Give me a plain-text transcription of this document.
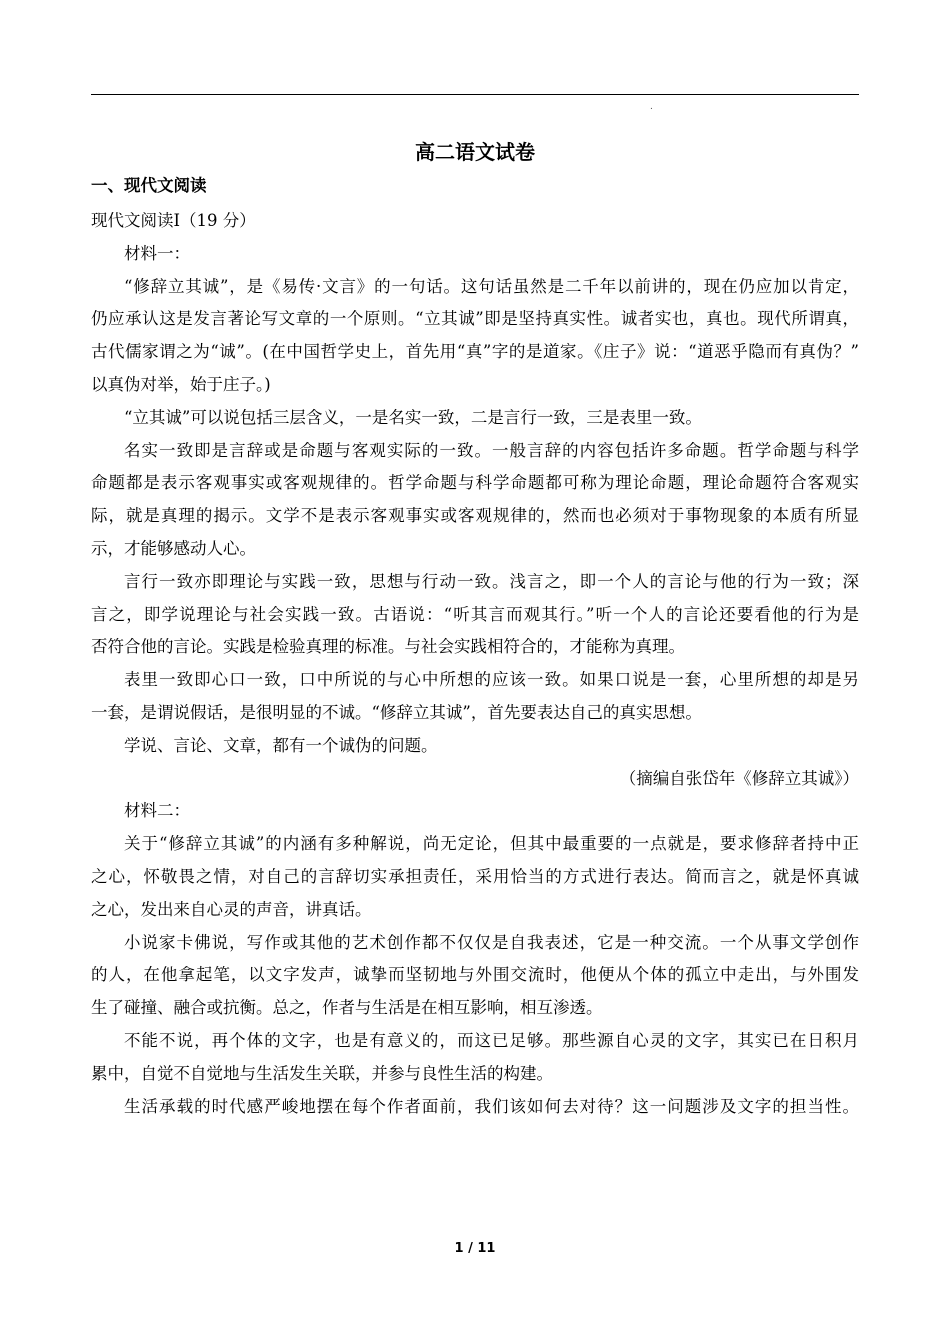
.
高二语文试卷
一、现代文阅读
现代文阅读I（19 分）
材料一：
“修辞立其诚”，是《易传·文言》的一句话。这句话虽然是二千年以前讲的，现在仍应加以肯定，
仍应承认这是发言著论写文章的一个原则。“立其诚”即是坚持真实性。诚者实也，真也。现代所谓真，
古代儒家谓之为“诚”。(在中国哲学史上，首先用“真”字的是道家。《庄子》说：“道恶乎隐而有真伪？”
以真伪对举，始于庄子。)
“立其诚”可以说包括三层含义，一是名实一致，二是言行一致，三是表里一致。
名实一致即是言辞或是命题与客观实际的一致。一般言辞的内容包括许多命题。哲学命题与科学
命题都是表示客观事实或客观规律的。哲学命题与科学命题都可称为理论命题，理论命题符合客观实
际，就是真理的揭示。文学不是表示客观事实或客观规律的，然而也必须对于事物现象的本质有所显
示，才能够感动人心。
言行一致亦即理论与实践一致，思想与行动一致。浅言之，即一个人的言论与他的行为一致；深
言之，即学说理论与社会实践一致。古语说：“听其言而观其行。”听一个人的言论还要看他的行为是
否符合他的言论。实践是检验真理的标准。与社会实践相符合的，才能称为真理。
表里一致即心口一致，口中所说的与心中所想的应该一致。如果口说是一套，心里所想的却是另
一套，是谓说假话，是很明显的不诚。“修辞立其诚”，首先要表达自己的真实思想。
学说、言论、文章，都有一个诚伪的问题。
（摘编自张岱年《修辞立其诚》）
材料二：
关于“修辞立其诚”的内涵有多种解说，尚无定论，但其中最重要的一点就是，要求修辞者持中正
之心，怀敬畏之情，对自己的言辞切实承担责任，采用恰当的方式进行表达。简而言之，就是怀真诚
之心，发出来自心灵的声音，讲真话。
小说家卡佛说，写作或其他的艺术创作都不仅仅是自我表述，它是一种交流。一个从事文学创作
的人，在他拿起笔，以文字发声，诚挚而坚韧地与外围交流时，他便从个体的孤立中走出，与外围发
生了碰撞、融合或抗衡。总之，作者与生活是在相互影响，相互渗透。
不能不说，再个体的文字，也是有意义的，而这已足够。那些源自心灵的文字，其实已在日积月
累中，自觉不自觉地与生活发生关联，并参与良性生活的构建。
生活承载的时代感严峻地摆在每个作者面前，我们该如何去对待？这一问题涉及文字的担当性。
1 / 11
